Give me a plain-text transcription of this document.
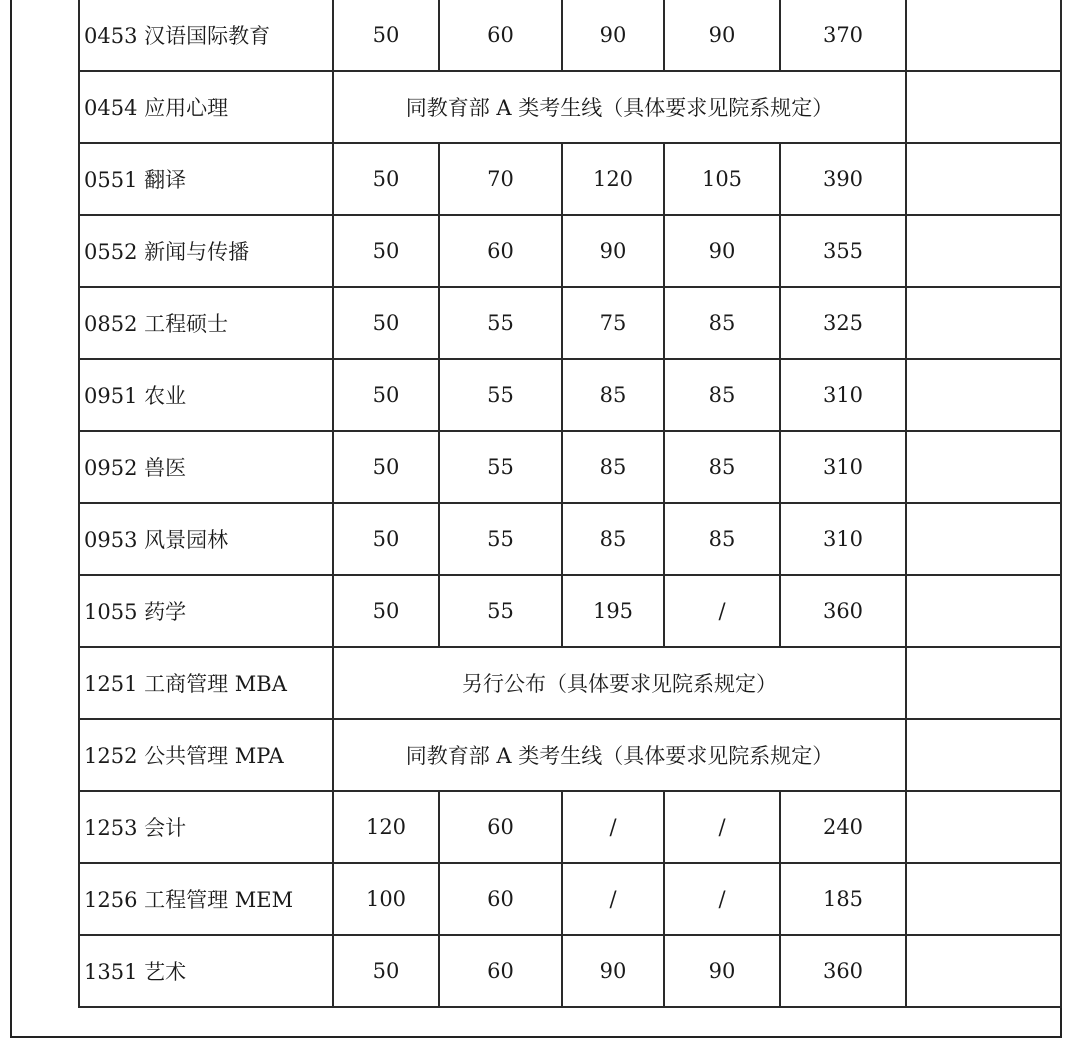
0453 汉语国际教育	50	60	90	90	370	
0454 应用心理	同教育部 A 类考生线（具体要求见院系规定）					
0551 翻译	50	70	120	105	390	
0552 新闻与传播	50	60	90	90	355	
0852 工程硕士	50	55	75	85	325	
0951 农业	50	55	85	85	310	
0952 兽医	50	55	85	85	310	
0953 风景园林	50	55	85	85	310	
1055 药学	50	55	195	/	360	
1251 工商管理 MBA	另行公布（具体要求见院系规定）					
1252 公共管理 MPA	同教育部 A 类考生线（具体要求见院系规定）					
1253 会计	120	60	/	/	240	
1256 工程管理 MEM	100	60	/	/	185	
1351 艺术	50	60	90	90	360	
